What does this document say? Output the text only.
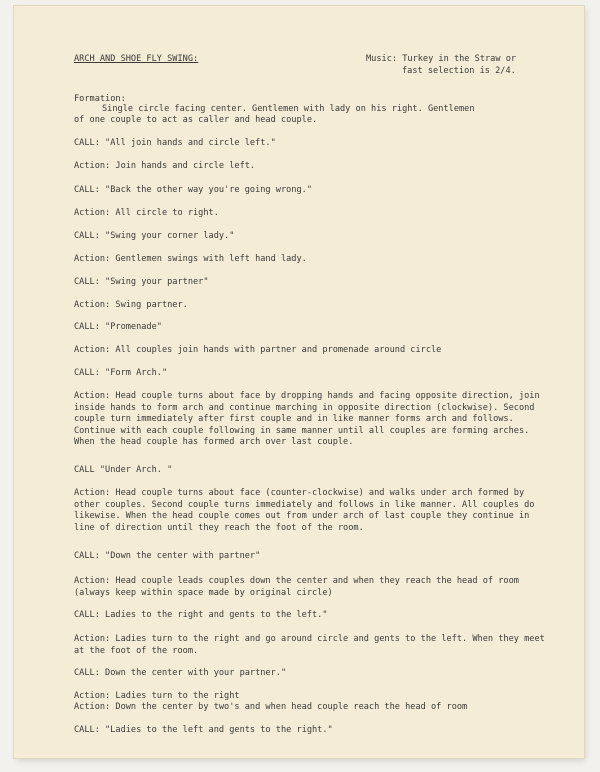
ARCH AND SHOE FLY SWING:	Music: Turkey in the Straw or
fast selection is 2/4.
Formation:
Single circle facing center. Gentlemen with lady on his right. Gentlemen
of one couple to act as caller and head couple.
CALL: "All join hands and circle left."
Action: Join hands and circle left.
CALL: "Back the other way you're going wrong."
Action: All circle to right.
CALL: "Swing your corner lady."
Action: Gentlemen swings with left hand lady.
CALL: "Swing your partner"
Action: Swing partner.
CALL: "Promenade"
Action: All couples join hands with partner and promenade around circle
CALL: "Form Arch."
Action: Head couple turns about face by dropping hands and facing opposite direction, join inside hands to form arch and continue marching in opposite direction (clockwise). Second couple turn immediately after first couple and in like manner forms arch and follows. Continue with each couple following in same manner until all couples are forming arches. When the head couple has formed arch over last couple.
CALL "Under Arch. "
Action: Head couple turns about face (counter-clockwise) and walks under arch formed by other couples. Second couple turns immediately and follows in like manner. All couples do likewise. When the head couple comes out from under arch of last couple they continue in line of direction until they reach the foot of the room.
CALL: "Down the center with partner"
Action: Head couple leads couples down the center and when they reach the head of room (always keep within space made by original circle)
CALL: Ladies to the right and gents to the left."
Action: Ladies turn to the right and go around circle and gents to the left. When they meet at the foot of the room.
CALL: Down the center with your partner."
Action: Ladies turn to the right
Action: Down the center by two's and when head couple reach the head of room
CALL: "Ladies to the left and gents to the right."
